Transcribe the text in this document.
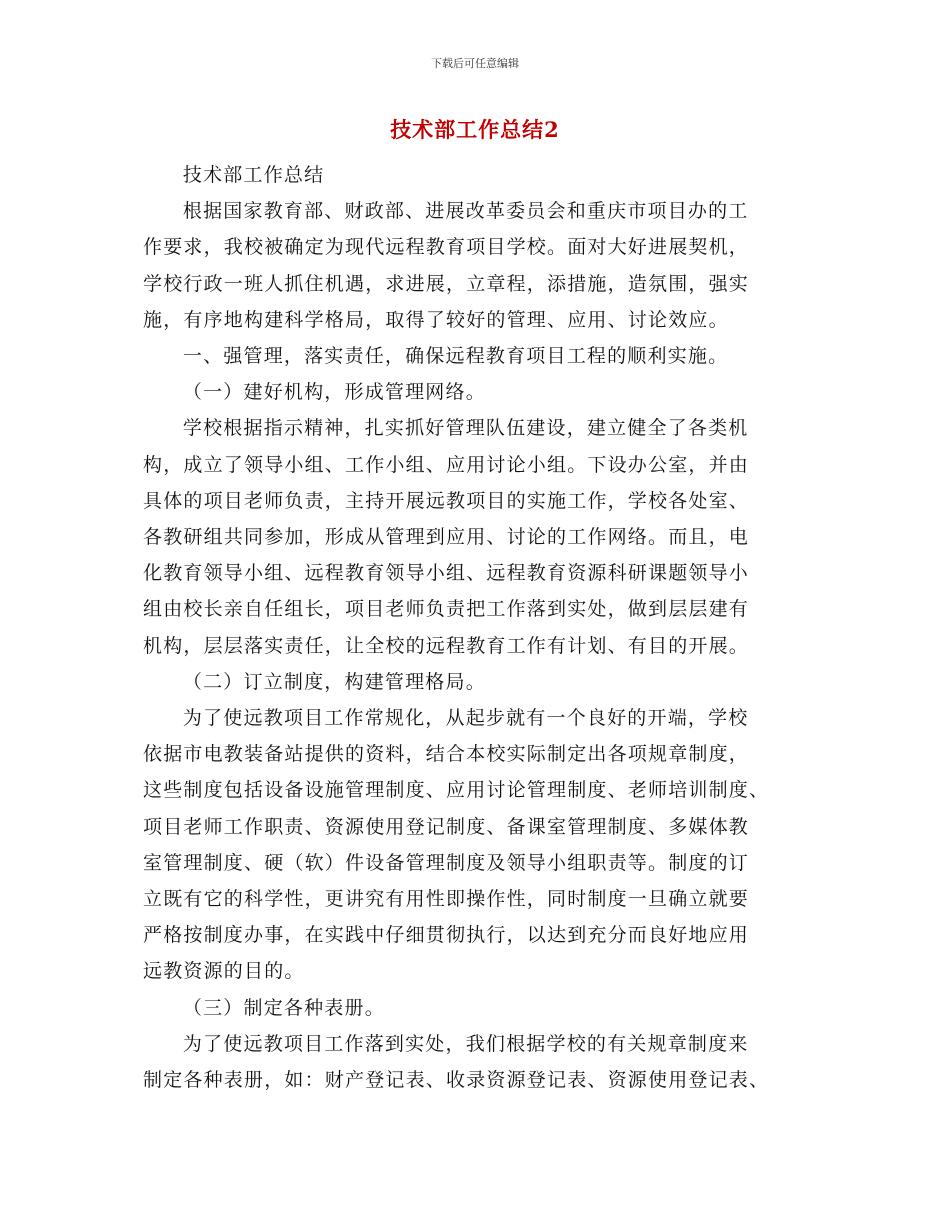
下载后可任意编辑
技术部工作总结2

技术部工作总结

根据国家教育部、财政部、进展改革委员会和重庆市项目办的工

作要求，我校被确定为现代远程教育项目学校。面对大好进展契机，

学校行政一班人抓住机遇，求进展，立章程，添措施，造氛围，强实

施，有序地构建科学格局，取得了较好的管理、应用、讨论效应。

一、强管理，落实责任，确保远程教育项目工程的顺利实施。

（一）建好机构，形成管理网络。

学校根据指示精神，扎实抓好管理队伍建设，建立健全了各类机

构，成立了领导小组、工作小组、应用讨论小组。下设办公室，并由

具体的项目老师负责，主持开展远教项目的实施工作，学校各处室、

各教研组共同参加，形成从管理到应用、讨论的工作网络。而且，电

化教育领导小组、远程教育领导小组、远程教育资源科研课题领导小

组由校长亲自任组长，项目老师负责把工作落到实处，做到层层建有

机构，层层落实责任，让全校的远程教育工作有计划、有目的开展。

（二）订立制度，构建管理格局。

为了使远教项目工作常规化，从起步就有一个良好的开端，学校

依据市电教装备站提供的资料，结合本校实际制定出各项规章制度，

这些制度包括设备设施管理制度、应用讨论管理制度、老师培训制度、

项目老师工作职责、资源使用登记制度、备课室管理制度、多媒体教

室管理制度、硬（软）件设备管理制度及领导小组职责等。制度的订

立既有它的科学性，更讲究有用性即操作性，同时制度一旦确立就要

严格按制度办事，在实践中仔细贯彻执行，以达到充分而良好地应用

远教资源的目的。

（三）制定各种表册。

为了使远教项目工作落到实处，我们根据学校的有关规章制度来

制定各种表册，如：财产登记表、收录资源登记表、资源使用登记表、
